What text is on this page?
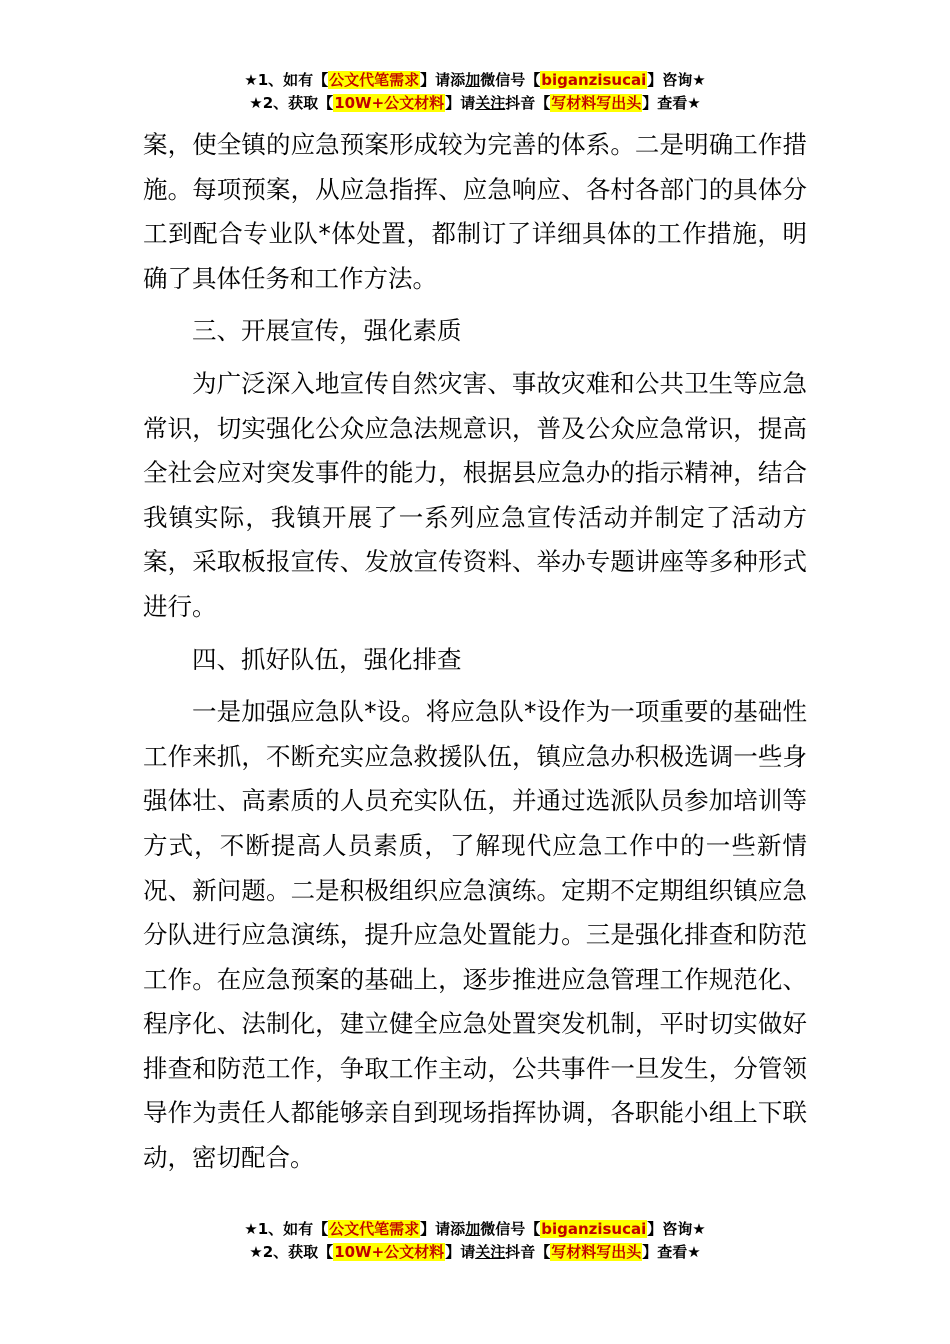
★1、如有【公文代笔需求】请添加微信号【biganzisucai】咨询★
★2、获取【10W+公文材料】请关注抖音【写材料写出头】查看★

案，使全镇的应急预案形成较为完善的体系。二是明确工作措施。每项预案，从应急指挥、应急响应、各村各部门的具体分工到配合专业队*体处置，都制订了详细具体的工作措施，明确了具体任务和工作方法。

三、开展宣传，强化素质

为广泛深入地宣传自然灾害、事故灾难和公共卫生等应急常识，切实强化公众应急法规意识，普及公众应急常识，提高全社会应对突发事件的能力，根据县应急办的指示精神，结合我镇实际，我镇开展了一系列应急宣传活动并制定了活动方案，采取板报宣传、发放宣传资料、举办专题讲座等多种形式进行。

四、抓好队伍，强化排查

一是加强应急队*设。将应急队*设作为一项重要的基础性工作来抓，不断充实应急救援队伍，镇应急办积极选调一些身强体壮、高素质的人员充实队伍，并通过选派队员参加培训等方式，不断提高人员素质，了解现代应急工作中的一些新情况、新问题。二是积极组织应急演练。定期不定期组织镇应急分队进行应急演练，提升应急处置能力。三是强化排查和防范工作。在应急预案的基础上，逐步推进应急管理工作规范化、程序化、法制化，建立健全应急处置突发机制，平时切实做好排查和防范工作，争取工作主动，公共事件一旦发生，分管领导作为责任人都能够亲自到现场指挥协调，各职能小组上下联动，密切配合。

★1、如有【公文代笔需求】请添加微信号【biganzisucai】咨询★
★2、获取【10W+公文材料】请关注抖音【写材料写出头】查看★
